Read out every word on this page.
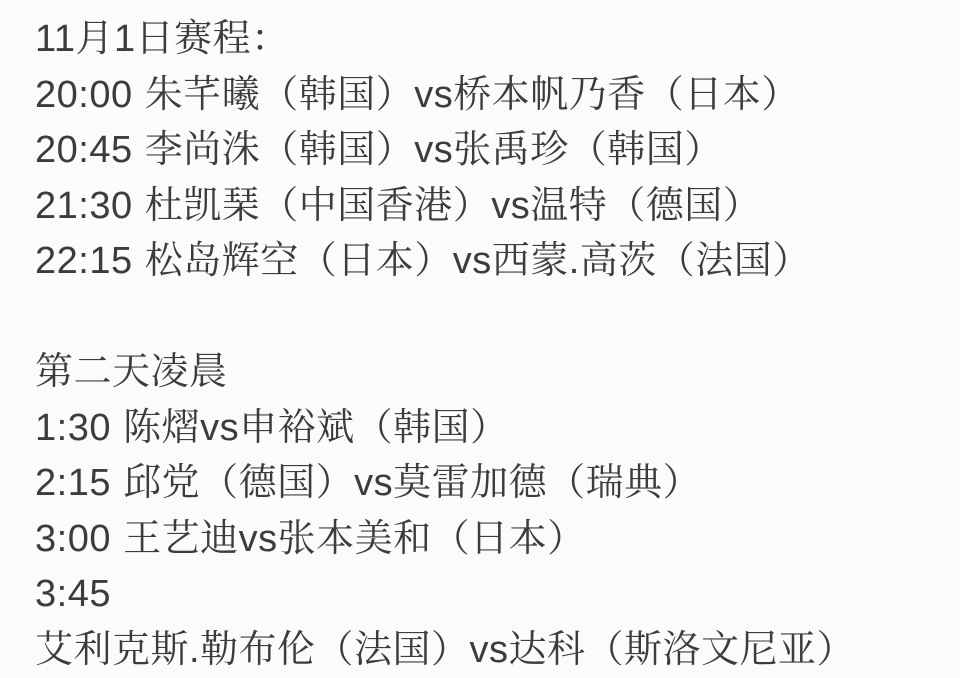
11月1日赛程：

20:00 朱芊曦（韩国）vs桥本帆乃香（日本）

20:45 李尚洙（韩国）vs张禹珍（韩国）

21:30 杜凯琹（中国香港）vs温特（德国）

22:15 松岛辉空（日本）vs西蒙.高茨（法国）

第二天凌晨

1:30 陈熠vs申裕斌（韩国）

2:15 邱党（德国）vs莫雷加德（瑞典）

3:00 王艺迪vs张本美和（日本）

3:45艾利克斯.勒布伦（法国）vs达科（斯洛文尼亚）
